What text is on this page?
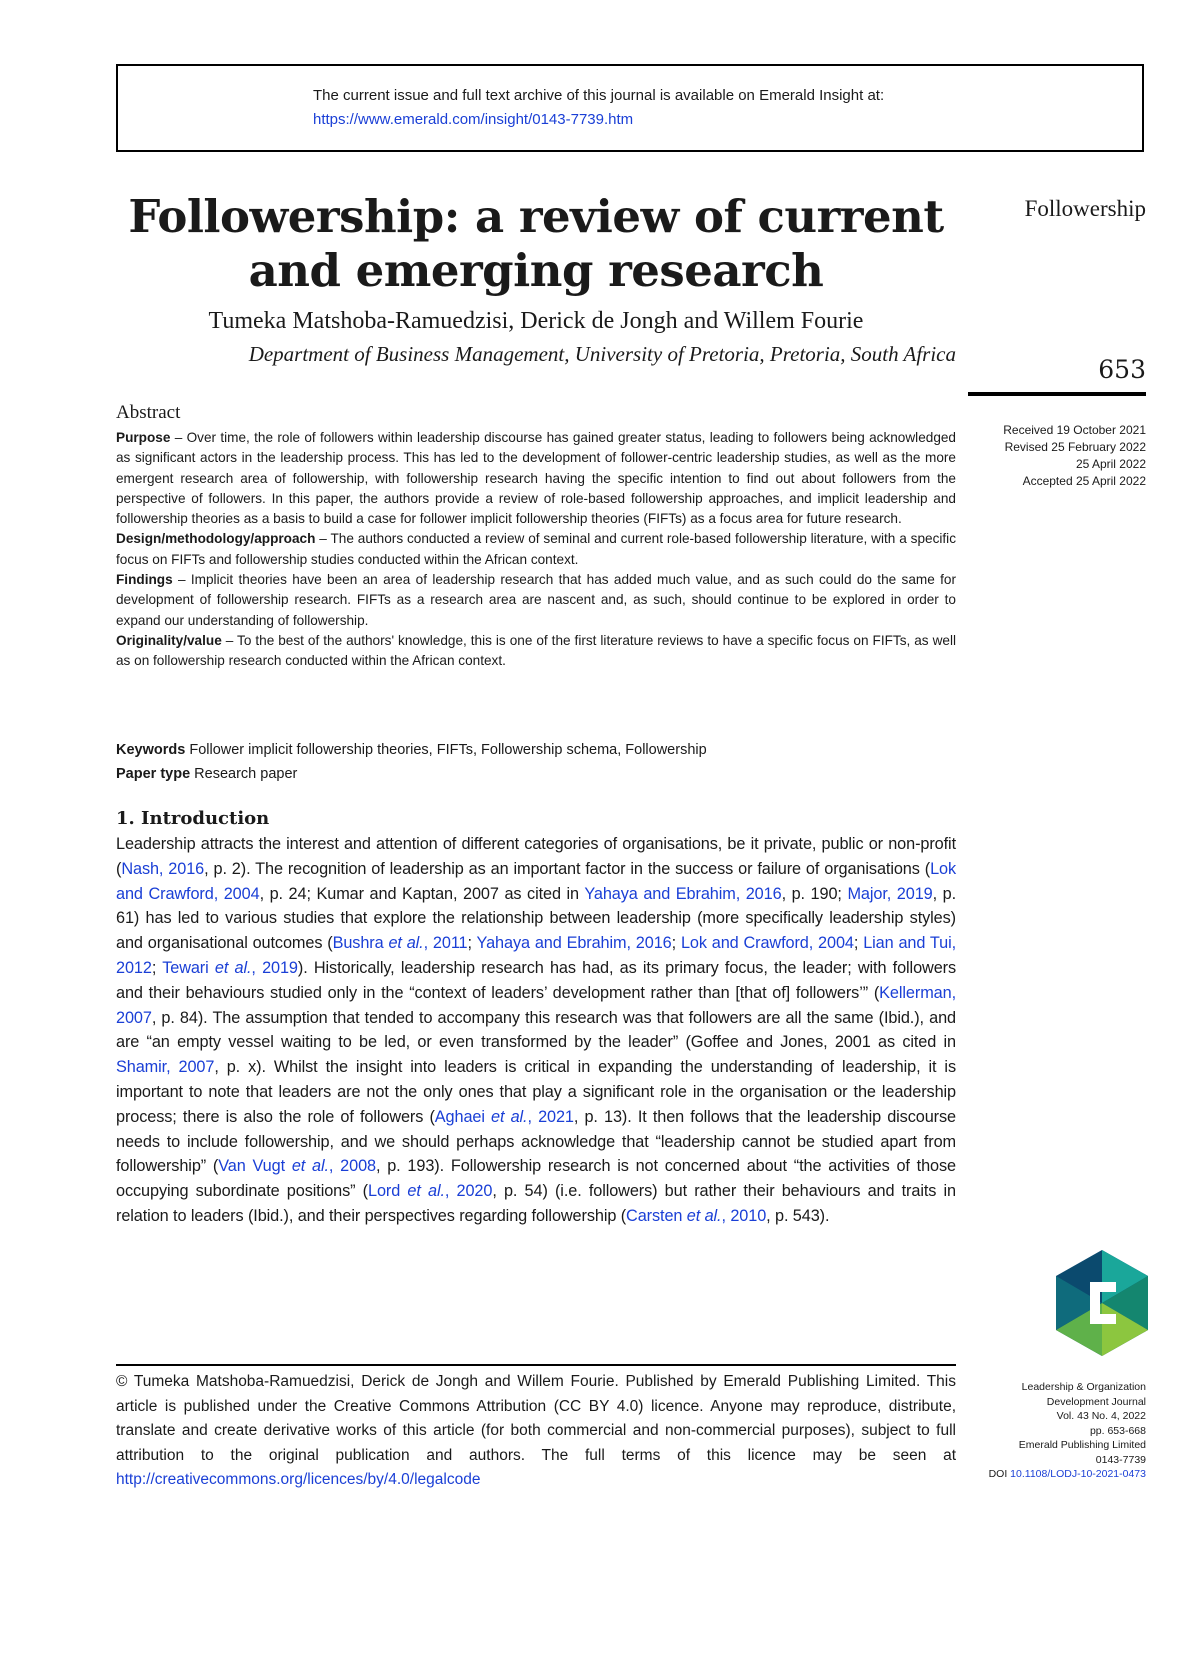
The current issue and full text archive of this journal is available on Emerald Insight at:
https://www.emerald.com/insight/0143-7739.htm
Followership: a review of current
and emerging research
Tumeka Matshoba-Ramuedzisi, Derick de Jongh and Willem Fourie
Department of Business Management, University of Pretoria, Pretoria, South Africa
Followership
653
Received 19 October 2021
Revised 25 February 2022
25 April 2022
Accepted 25 April 2022
Abstract

Purpose – Over time, the role of followers within leadership discourse has gained greater status, leading to followers being acknowledged as significant actors in the leadership process. This has led to the development of follower-centric leadership studies, as well as the more emergent research area of followership, with followership research having the specific intention to find out about followers from the perspective of followers. In this paper, the authors provide a review of role-based followership approaches, and implicit leadership and followership theories as a basis to build a case for follower implicit followership theories (FIFTs) as a focus area for future research.

Design/methodology/approach – The authors conducted a review of seminal and current role-based followership literature, with a specific focus on FIFTs and followership studies conducted within the African context.

Findings – Implicit theories have been an area of leadership research that has added much value, and as such could do the same for development of followership research. FIFTs as a research area are nascent and, as such, should continue to be explored in order to expand our understanding of followership.

Originality/value – To the best of the authors' knowledge, this is one of the first literature reviews to have a specific focus on FIFTs, as well as on followership research conducted within the African context.

Keywords Follower implicit followership theories, FIFTs, Followership schema, Followership
Paper type Research paper
1. Introduction
Leadership attracts the interest and attention of different categories of organisations, be it private, public or non-profit (Nash, 2016, p. 2). The recognition of leadership as an important factor in the success or failure of organisations (Lok and Crawford, 2004, p. 24; Kumar and Kaptan, 2007 as cited in Yahaya and Ebrahim, 2016, p. 190; Major, 2019, p. 61) has led to various studies that explore the relationship between leadership (more specifically leadership styles) and organisational outcomes (Bushra et al., 2011; Yahaya and Ebrahim, 2016; Lok and Crawford, 2004; Lian and Tui, 2012; Tewari et al., 2019). Historically, leadership research has had, as its primary focus, the leader; with followers and their behaviours studied only in the “context of leaders’ development rather than [that of] followers’” (Kellerman, 2007, p. 84). The assumption that tended to accompany this research was that followers are all the same (Ibid.), and are “an empty vessel waiting to be led, or even transformed by the leader” (Goffee and Jones, 2001 as cited in Shamir, 2007, p. x). Whilst the insight into leaders is critical in expanding the understanding of leadership, it is important to note that leaders are not the only ones that play a significant role in the organisation or the leadership process; there is also the role of followers (Aghaei et al., 2021, p. 13). It then follows that the leadership discourse needs to include followership, and we should perhaps acknowledge that “leadership cannot be studied apart from followership” (Van Vugt et al., 2008, p. 193). Followership research is not concerned about “the activities of those occupying subordinate positions” (Lord et al., 2020, p. 54) (i.e. followers) but rather their behaviours and traits in relation to leaders (Ibid.), and their perspectives regarding followership (Carsten et al., 2010, p. 543).
© Tumeka Matshoba-Ramuedzisi, Derick de Jongh and Willem Fourie. Published by Emerald Publishing Limited. This article is published under the Creative Commons Attribution (CC BY 4.0) licence. Anyone may reproduce, distribute, translate and create derivative works of this article (for both commercial and non-commercial purposes), subject to full attribution to the original publication and authors. The full terms of this licence may be seen at http://creativecommons.org/licences/by/4.0/legalcode
Leadership & Organization
Development Journal
Vol. 43 No. 4, 2022
pp. 653-668
Emerald Publishing Limited
0143-7739
DOI 10.1108/LODJ-10-2021-0473
